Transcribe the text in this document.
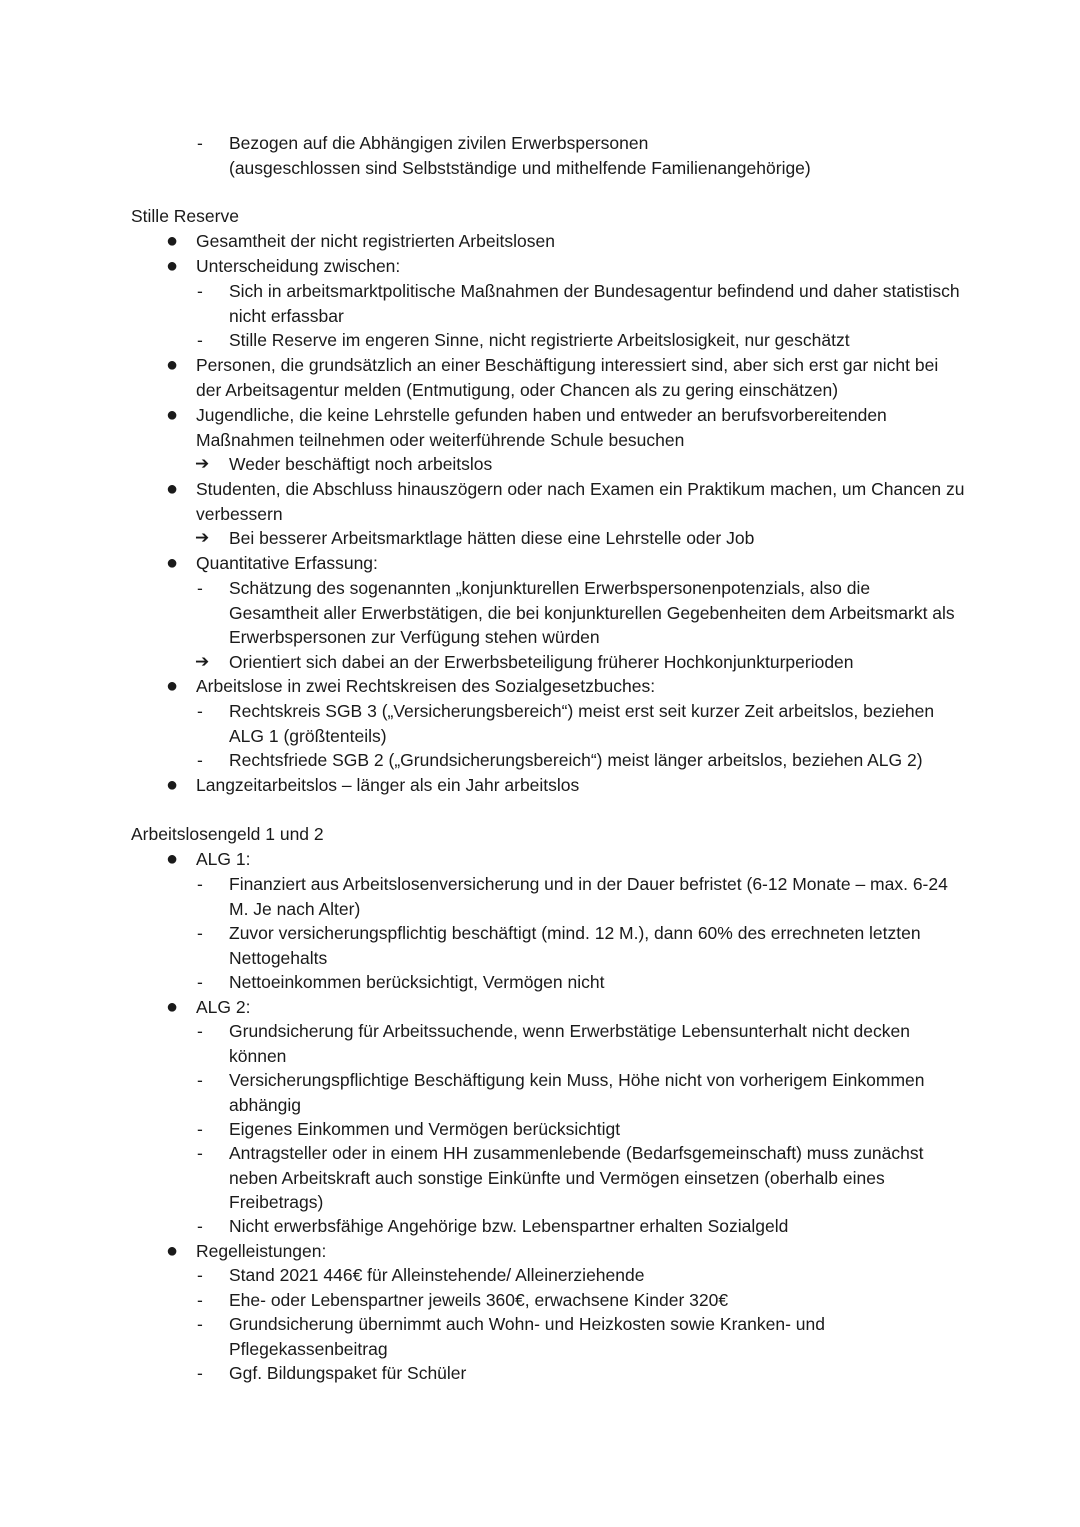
- Bezogen auf die Abhängigen zivilen Erwerbspersonen
(ausgeschlossen sind Selbstständige und mithelfende Familienangehörige)

Stille Reserve

● Gesamtheit der nicht registrierten Arbeitslosen
● Unterscheidung zwischen:
- Sich in arbeitsmarktpolitische Maßnahmen der Bundesagentur befindend und daher statistisch nicht erfassbar
- Stille Reserve im engeren Sinne, nicht registrierte Arbeitslosigkeit, nur geschätzt
● Personen, die grundsätzlich an einer Beschäftigung interessiert sind, aber sich erst gar nicht bei der Arbeitsagentur melden (Entmutigung, oder Chancen als zu gering einschätzen)
● Jugendliche, die keine Lehrstelle gefunden haben und entweder an berufsvorbereitenden Maßnahmen teilnehmen oder weiterführende Schule besuchen
➔ Weder beschäftigt noch arbeitslos
● Studenten, die Abschluss hinauszögern oder nach Examen ein Praktikum machen, um Chancen zu verbessern
➔ Bei besserer Arbeitsmarktlage hätten diese eine Lehrstelle oder Job
● Quantitative Erfassung:
- Schätzung des sogenannten „konjunkturellen Erwerbspersonenpotenzials, also die Gesamtheit aller Erwerbstätigen, die bei konjunkturellen Gegebenheiten dem Arbeitsmarkt als Erwerbspersonen zur Verfügung stehen würden
➔ Orientiert sich dabei an der Erwerbsbeteiligung früherer Hochkonjunkturperioden
● Arbeitslose in zwei Rechtskreisen des Sozialgesetzbuches:
- Rechtskreis SGB 3 („Versicherungsbereich“) meist erst seit kurzer Zeit arbeitslos, beziehen ALG 1 (größtenteils)
- Rechtsfriede SGB 2 („Grundsicherungsbereich“) meist länger arbeitslos, beziehen ALG 2)
● Langzeitarbeitslos – länger als ein Jahr arbeitslos

Arbeitslosengeld 1 und 2

● ALG 1:
- Finanziert aus Arbeitslosenversicherung und in der Dauer befristet (6-12 Monate – max. 6-24 M. Je nach Alter)
- Zuvor versicherungspflichtig beschäftigt (mind. 12 M.), dann 60% des errechneten letzten Nettogehalts
- Nettoeinkommen berücksichtigt, Vermögen nicht
● ALG 2:
- Grundsicherung für Arbeitssuchende, wenn Erwerbstätige Lebensunterhalt nicht decken können
- Versicherungspflichtige Beschäftigung kein Muss, Höhe nicht von vorherigem Einkommen abhängig
- Eigenes Einkommen und Vermögen berücksichtigt
- Antragsteller oder in einem HH zusammenlebende (Bedarfsgemeinschaft) muss zunächst neben Arbeitskraft auch sonstige Einkünfte und Vermögen einsetzen (oberhalb eines Freibetrags)
- Nicht erwerbsfähige Angehörige bzw. Lebenspartner erhalten Sozialgeld
● Regelleistungen:
- Stand 2021 446€ für Alleinstehende/ Alleinerziehende
- Ehe- oder Lebenspartner jeweils 360€, erwachsene Kinder 320€
- Grundsicherung übernimmt auch Wohn- und Heizkosten sowie Kranken- und Pflegekassenbeitrag
- Ggf. Bildungspaket für Schüler
